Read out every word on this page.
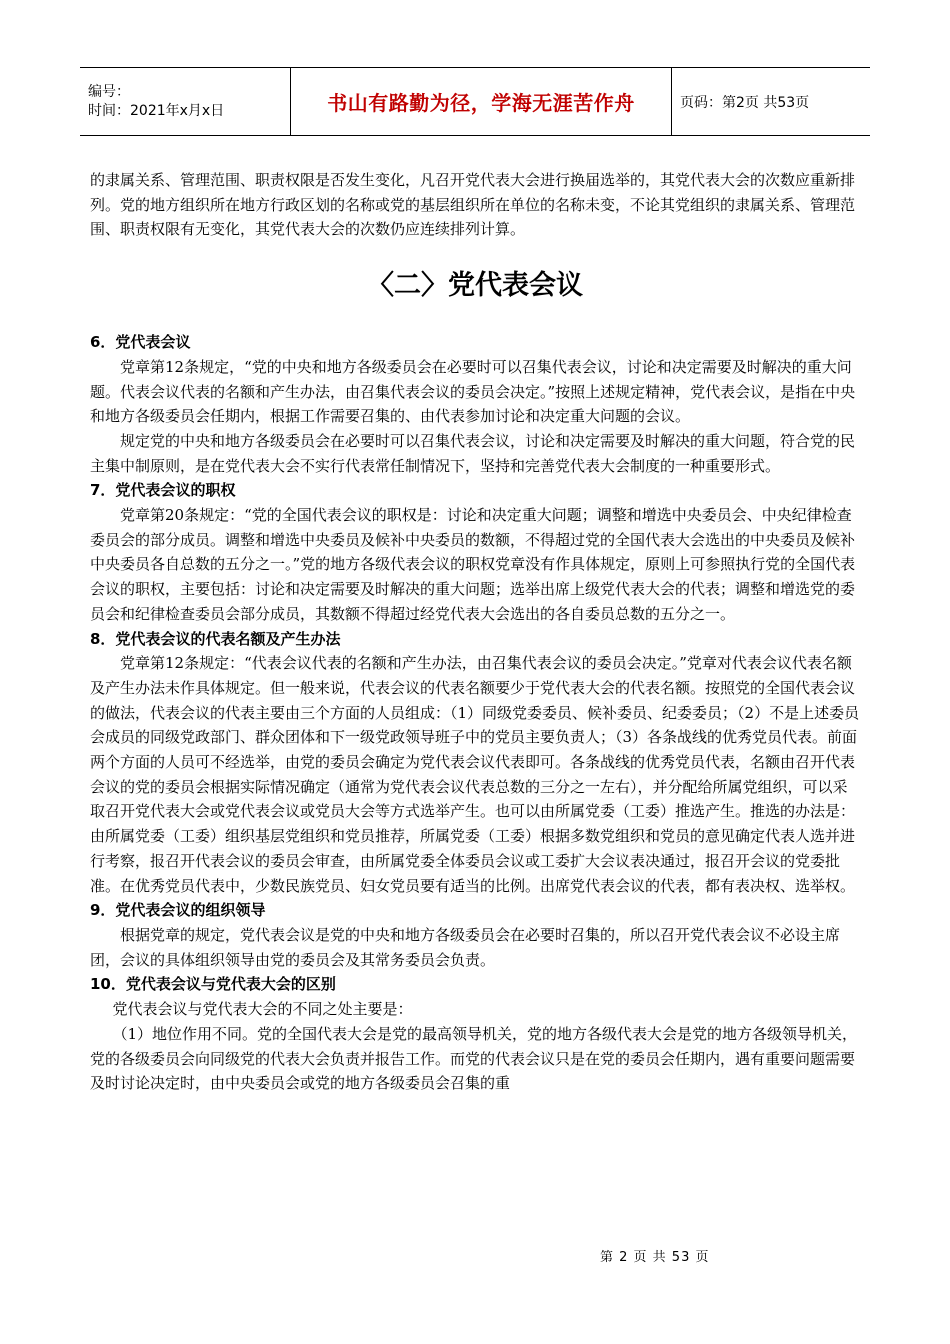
编号：
时间：2021年x月x日	书山有路勤为径，学海无涯苦作舟	页码：第2页 共53页

的隶属关系、管理范围、职责权限是否发生变化，凡召开党代表大会进行换届选举的，其党代表大会的次数应重新排列。党的地方组织所在地方行政区划的名称或党的基层组织所在单位的名称未变，不论其党组织的隶属关系、管理范围、职责权限有无变化，其党代表大会的次数仍应连续排列计算。

〈二〉党代表会议

6．党代表会议

党章第12条规定，“党的中央和地方各级委员会在必要时可以召集代表会议，讨论和决定需要及时解决的重大问题。代表会议代表的名额和产生办法，由召集代表会议的委员会决定。”按照上述规定精神，党代表会议，是指在中央和地方各级委员会任期内，根据工作需要召集的、由代表参加讨论和决定重大问题的会议。

规定党的中央和地方各级委员会在必要时可以召集代表会议，讨论和决定需要及时解决的重大问题，符合党的民主集中制原则，是在党代表大会不实行代表常任制情况下，坚持和完善党代表大会制度的一种重要形式。

7．党代表会议的职权

党章第20条规定：“党的全国代表会议的职权是：讨论和决定重大问题；调整和增选中央委员会、中央纪律检查委员会的部分成员。调整和增选中央委员及候补中央委员的数额，不得超过党的全国代表大会选出的中央委员及候补中央委员各自总数的五分之一。”党的地方各级代表会议的职权党章没有作具体规定，原则上可参照执行党的全国代表会议的职权，主要包括：讨论和决定需要及时解决的重大问题；选举出席上级党代表大会的代表；调整和增选党的委员会和纪律检查委员会部分成员，其数额不得超过经党代表大会选出的各自委员总数的五分之一。

8．党代表会议的代表名额及产生办法

党章第12条规定：“代表会议代表的名额和产生办法，由召集代表会议的委员会决定。”党章对代表会议代表名额及产生办法未作具体规定。但一般来说，代表会议的代表名额要少于党代表大会的代表名额。按照党的全国代表会议的做法，代表会议的代表主要由三个方面的人员组成：（1）同级党委委员、候补委员、纪委委员；（2）不是上述委员会成员的同级党政部门、群众团体和下一级党政领导班子中的党员主要负责人；（3）各条战线的优秀党员代表。前面两个方面的人员可不经选举，由党的委员会确定为党代表会议代表即可。各条战线的优秀党员代表，名额由召开代表会议的党的委员会根据实际情况确定（通常为党代表会议代表总数的三分之一左右），并分配给所属党组织，可以采取召开党代表大会或党代表会议或党员大会等方式选举产生。也可以由所属党委（工委）推选产生。推选的办法是：由所属党委（工委）组织基层党组织和党员推荐，所属党委（工委）根据多数党组织和党员的意见确定代表人选并进行考察，报召开代表会议的委员会审查，由所属党委全体委员会议或工委扩大会议表决通过，报召开会议的党委批准。在优秀党员代表中，少数民族党员、妇女党员要有适当的比例。出席党代表会议的代表，都有表决权、选举权。

9．党代表会议的组织领导

根据党章的规定，党代表会议是党的中央和地方各级委员会在必要时召集的，所以召开党代表会议不必设主席团，会议的具体组织领导由党的委员会及其常务委员会负责。

10．党代表会议与党代表大会的区别

党代表会议与党代表大会的不同之处主要是：

（1）地位作用不同。党的全国代表大会是党的最高领导机关，党的地方各级代表大会是党的地方各级领导机关，党的各级委员会向同级党的代表大会负责并报告工作。而党的代表会议只是在党的委员会任期内，遇有重要问题需要及时讨论决定时，由中央委员会或党的地方各级委员会召集的重

第 2 页 共 53 页
